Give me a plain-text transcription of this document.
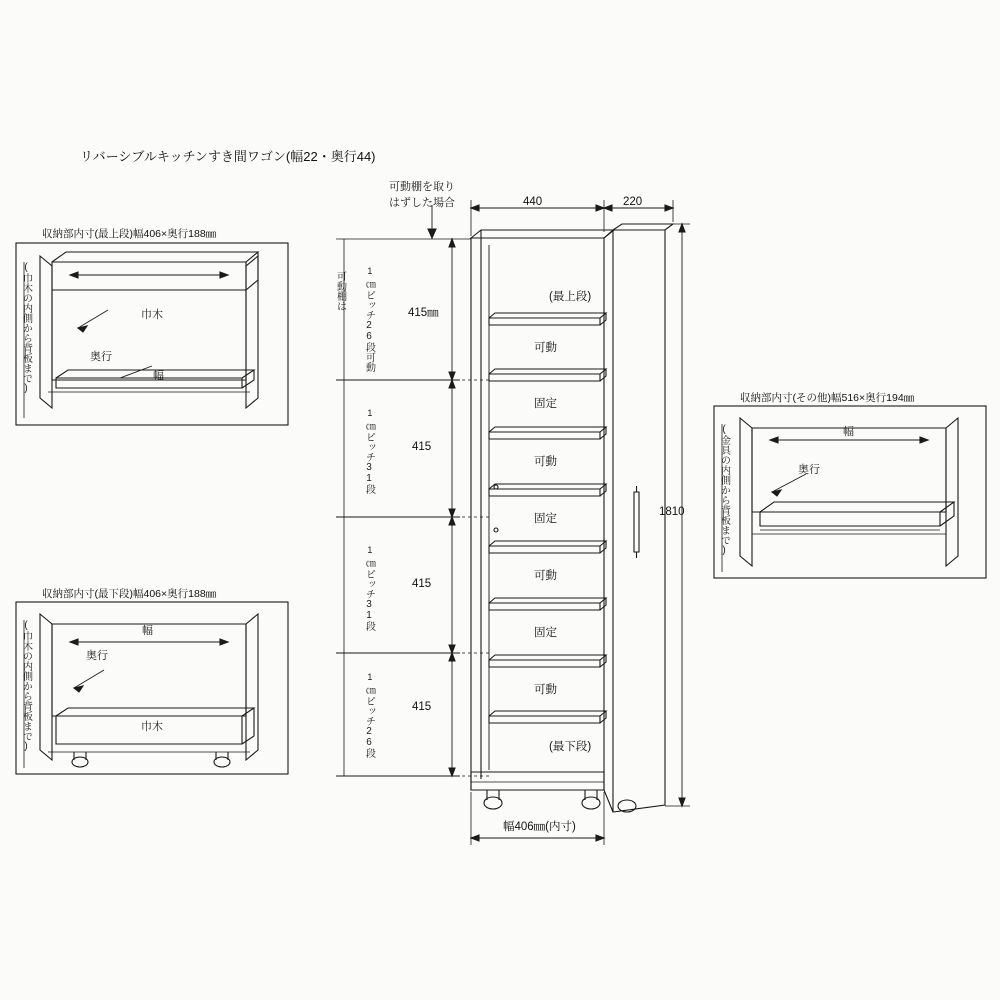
リバーシブルキッチンすき間ワゴン(幅22・奥行44)
可動棚を取り
はずした場合	440	220
1810
415㎜
415
415
415
可動棚は 1
㎝ピッチ26段可動
1
㎝ピッチ31段
1
㎝ピッチ31段
1
㎝ピッチ26段
(最上段)
可動
固定
可動
固定
可動
固定
可動
(最下段)
幅406㎜(内寸)
収納部内寸(最上段)幅406×奥行188㎜
(巾木の内側から背板まで)	巾木
奥行
幅
収納部内寸(最下段)幅406×奥行188㎜
(巾木の内側から背板まで)	巾木
奥行
幅
収納部内寸(その他)幅516×奥行194㎜
(金具の内側から背板まで)	幅
奥行
